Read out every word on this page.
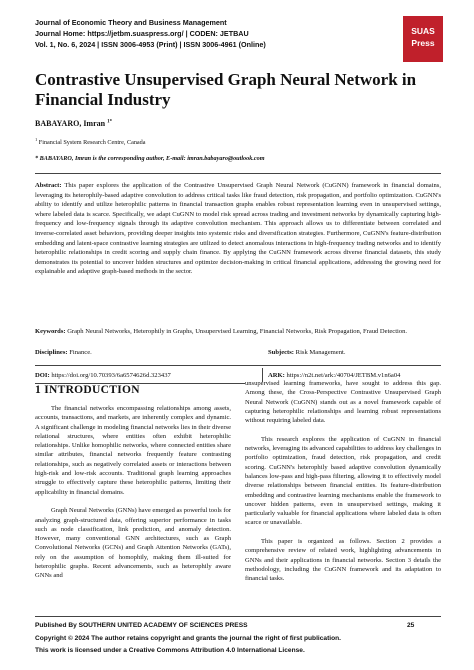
Journal of Economic Theory and Business Management
Journal Home: https://jetbm.suaspress.org/ | CODEN: JETBAU
Vol. 1, No. 6, 2024 | ISSN 3006-4953 (Print) | ISSN 3006-4961 (Online)
SUAS
Press
Contrastive Unsupervised Graph Neural Network in Financial Industry
BABAYARO, Imran $^{1*}$
$^1$ Financial System Research Centre, Canada
* BABAYARO, Imran is the corresponding author, E-mail: imran.babayaro@outlook.com
Abstract: This paper explores the application of the Contrastive Unsupervised Graph Neural Network (CuGNN) framework in financial domains, leveraging its heterophily-based adaptive convolution to address critical tasks like fraud detection, risk propagation, and portfolio optimization. CuGNN's ability to identify and utilize heterophilic patterns in financial transaction graphs enables robust representation learning even in unsupervised settings, where labeled data is scarce. Specifically, we adapt CuGNN to model risk spread across trading and investment networks by dynamically capturing high-frequency and low-frequency signals through its adaptive convolution mechanism. This approach allows us to differentiate between correlated and inverse-correlated asset behaviors, providing deeper insights into systemic risks and diversification strategies. Furthermore, CuGNN's feature-distribution embedding and latent-space contrastive learning strategies are utilized to detect anomalous interactions in high-frequency trading networks and to identify heterophilic relationships in credit scoring and supply chain finance. By applying the CuGNN framework across diverse financial datasets, this study demonstrates its potential to uncover hidden structures and optimize decision-making in critical financial applications, addressing the growing need for explainable and adaptive graph-based methods in the sector.
Keywords: Graph Neural Networks, Heterophily in Graphs, Unsupervised Learning, Financial Networks, Risk Propagation, Fraud Detection.
Disciplines: Finance.	Subjects: Risk Management.
DOI: https://doi.org/10.70393/6a6574626d.323437	ARK: https://n2t.net/ark:/40704/JETBM.v1n6a04
1 INTRODUCTION

The financial networks encompassing relationships among assets, accounts, transactions, and markets, are inherently complex and dynamic. A significant challenge in modeling financial networks lies in their diverse relational structures, where entities often exhibit heterophilic relationships. Unlike homophilic networks, where connected entities share similar attributes, financial networks frequently feature contrasting relationships, such as negatively correlated assets or interactions between high-risk and low-risk accounts. Traditional graph learning approaches struggle to effectively capture these heterophilic patterns, limiting their applicability in financial domains.

Graph Neural Networks (GNNs) have emerged as powerful tools for analyzing graph-structured data, offering superior performance in tasks such as node classification, link prediction, and anomaly detection. However, many conventional GNN architectures, such as Graph Convolutional Networks (GCNs) and Graph Attention Networks (GATs), rely on the assumption of homophily, making them ill-suited for heterophilic graphs. Recent advancements, such as heterophily aware GNNs and

unsupervised learning frameworks, have sought to address this gap. Among these, the Cross-Perspective Contrastive Unsupervised Graph Neural Network (CuGNN) stands out as a novel framework capable of capturing heterophilic relationships and learning robust representations without requiring labeled data.

This research explores the application of CuGNN in financial networks, leveraging its advanced capabilities to address key challenges in portfolio optimization, fraud detection, risk propagation, and credit scoring. CuGNN's heterophily based adaptive convolution dynamically balances low-pass and high-pass filtering, allowing it to effectively model diverse relationships between financial entities. Its feature-distribution embedding and contrastive learning mechanisms enable the framework to uncover hidden patterns, even in unsupervised settings, making it particularly valuable for financial applications where labeled data is often scarce or unavailable.

This paper is organized as follows. Section 2 provides a comprehensive review of related work, highlighting advancements in GNNs and their applications in financial networks. Section 3 details the methodology, including the CuGNN framework and its adaptation to financial tasks.

Published By SOUTHERN UNITED ACADEMY OF SCIENCES PRESS	25
Copyright © 2024 The author retains copyright and grants the journal the right of first publication.
This work is licensed under a Creative Commons Attribution 4.0 International License.
